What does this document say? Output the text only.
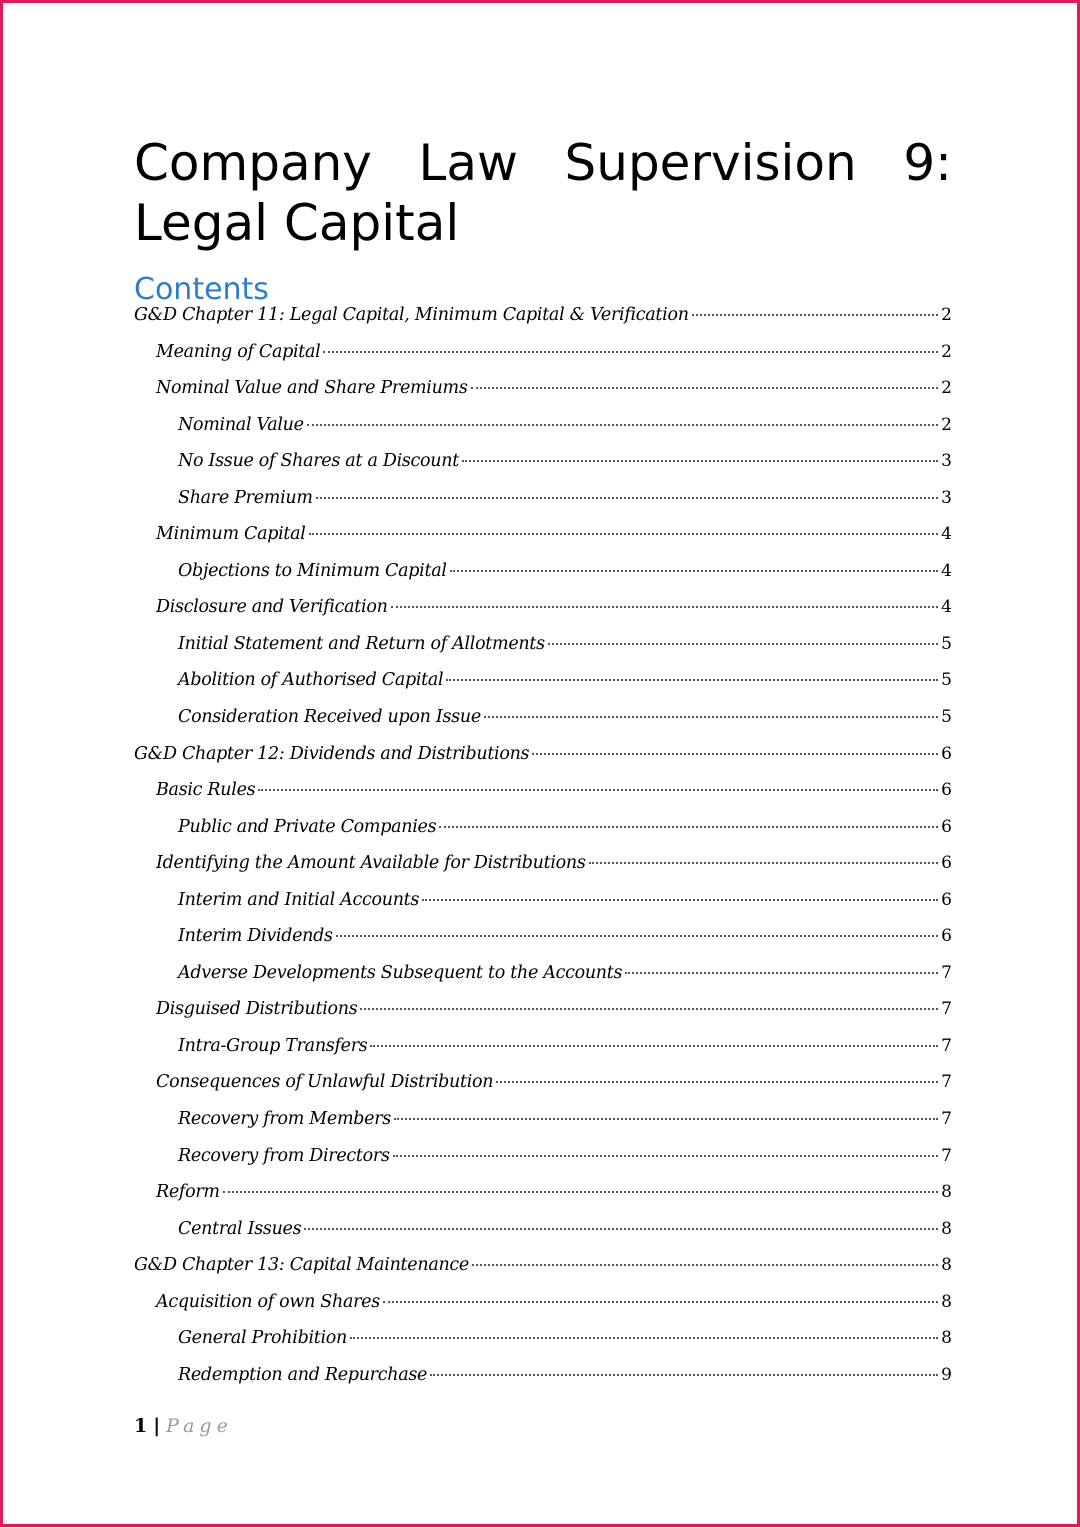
Company Law Supervision 9:
Legal Capital
Contents
G&D Chapter 11: Legal Capital, Minimum Capital & Verification	2
Meaning of Capital	2
Nominal Value and Share Premiums	2
Nominal Value	2
No Issue of Shares at a Discount	3
Share Premium	3
Minimum Capital	4
Objections to Minimum Capital	4
Disclosure and Verification	4
Initial Statement and Return of Allotments	5
Abolition of Authorised Capital	5
Consideration Received upon Issue	5
G&D Chapter 12: Dividends and Distributions	6
Basic Rules	6
Public and Private Companies	6
Identifying the Amount Available for Distributions	6
Interim and Initial Accounts	6
Interim Dividends	6
Adverse Developments Subsequent to the Accounts	7
Disguised Distributions	7
Intra-Group Transfers	7
Consequences of Unlawful Distribution	7
Recovery from Members	7
Recovery from Directors	7
Reform	8
Central Issues	8
G&D Chapter 13: Capital Maintenance	8
Acquisition of own Shares	8
General Prohibition	8
Redemption and Repurchase	9
1 | Page
